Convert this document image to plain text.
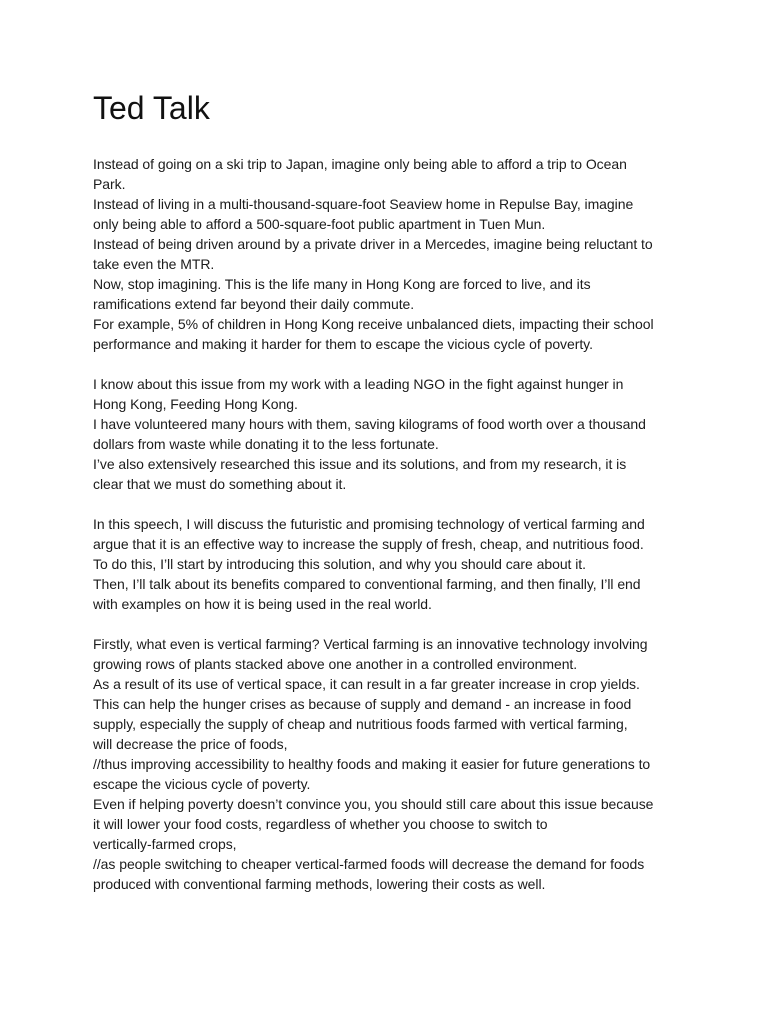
Ted Talk
Instead of going on a ski trip to Japan, imagine only being able to afford a trip to Ocean
Park.
Instead of living in a multi-thousand-square-foot Seaview home in Repulse Bay, imagine
only being able to afford a 500-square-foot public apartment in Tuen Mun.
Instead of being driven around by a private driver in a Mercedes, imagine being reluctant to
take even the MTR.
Now, stop imagining. This is the life many in Hong Kong are forced to live, and its
ramifications extend far beyond their daily commute.
For example, 5% of children in Hong Kong receive unbalanced diets, impacting their school
performance and making it harder for them to escape the vicious cycle of poverty.
I know about this issue from my work with a leading NGO in the fight against hunger in
Hong Kong, Feeding Hong Kong.
I have volunteered many hours with them, saving kilograms of food worth over a thousand
dollars from waste while donating it to the less fortunate.
I’ve also extensively researched this issue and its solutions, and from my research, it is
clear that we must do something about it.
In this speech, I will discuss the futuristic and promising technology of vertical farming and
argue that it is an effective way to increase the supply of fresh, cheap, and nutritious food.
To do this, I’ll start by introducing this solution, and why you should care about it.
Then, I’ll talk about its benefits compared to conventional farming, and then finally, I’ll end
with examples on how it is being used in the real world.
Firstly, what even is vertical farming? Vertical farming is an innovative technology involving
growing rows of plants stacked above one another in a controlled environment.
As a result of its use of vertical space, it can result in a far greater increase in crop yields.
This can help the hunger crises as because of supply and demand - an increase in food
supply, especially the supply of cheap and nutritious foods farmed with vertical farming,
will decrease the price of foods,
//thus improving accessibility to healthy foods and making it easier for future generations to
escape the vicious cycle of poverty.
Even if helping poverty doesn’t convince you, you should still care about this issue because
it will lower your food costs, regardless of whether you choose to switch to
vertically-farmed crops,
//as people switching to cheaper vertical-farmed foods will decrease the demand for foods
produced with conventional farming methods, lowering their costs as well.
